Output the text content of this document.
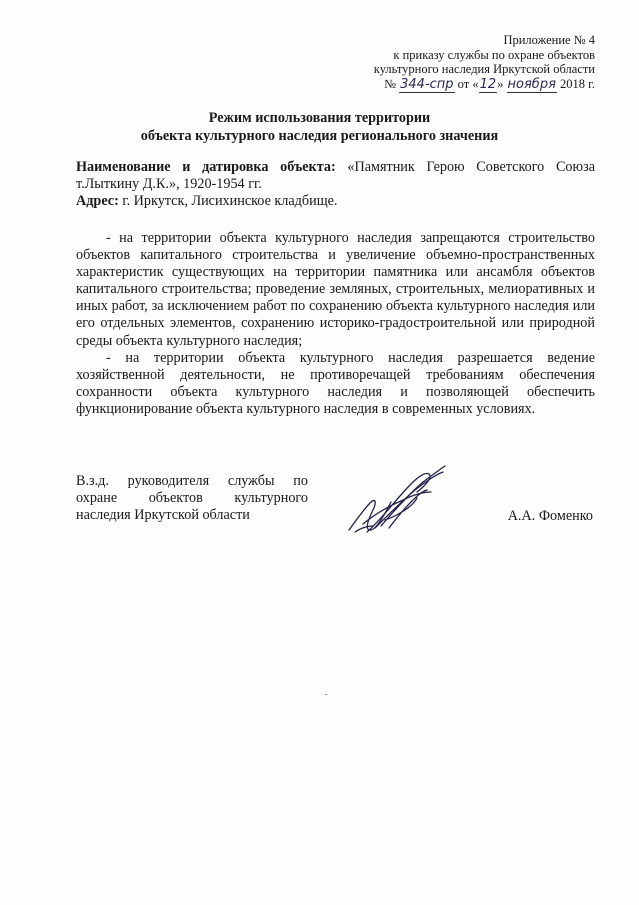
Приложение № 4
к приказу службы по охране объектов
культурного наследия Иркутской области
№ 344-спр от «12» ноября 2018 г.
Режим использования территории
объекта культурного наследия регионального значения

Наименование и датировка объекта: «Памятник Герою Советского Союза т.Лыткину Д.К.», 1920-1954 гг.

Адрес: г. Иркутск, Лисихинское кладбище.

- на территории объекта культурного наследия запрещаются строительство объектов капитального строительства и увеличение объемно-пространственных характеристик существующих на территории памятника или ансамбля объектов капитального строительства; проведение земляных, строительных, мелиоративных и иных работ, за исключением работ по сохранению объекта культурного наследия или его отдельных элементов, сохранению историко-градостроительной или природной среды объекта культурного наследия;

- на территории объекта культурного наследия разрешается ведение хозяйственной деятельности, не противоречащей требованиям обеспечения сохранности объекта культурного наследия и позволяющей обеспечить функционирование объекта культурного наследия в современных условиях.

В.з.д. руководителя службы по
охране объектов культурного
наследия Иркутской области	А.А. Фоменко
